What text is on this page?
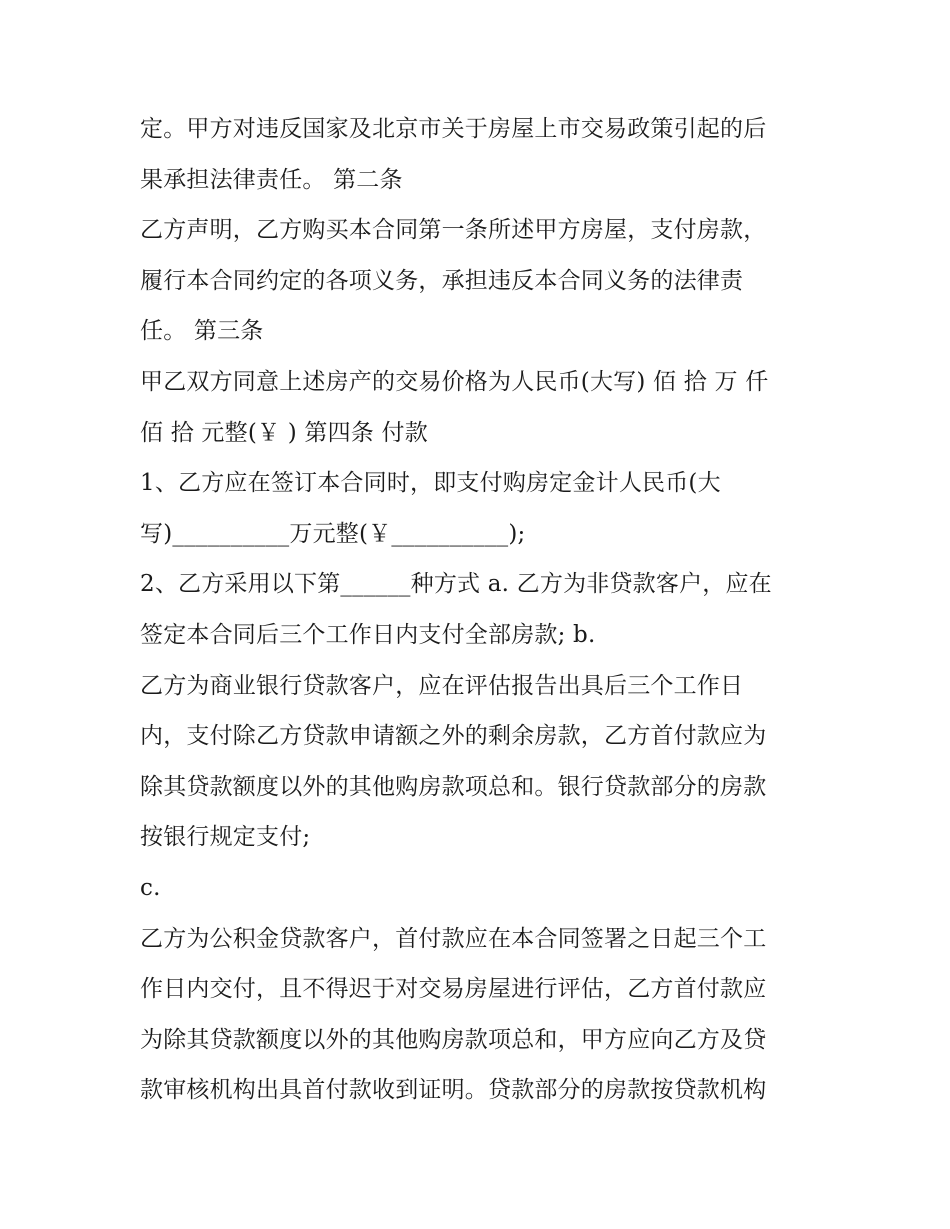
定。甲方对违反国家及北京市关于房屋上市交易政策引起的后
果承担法律责任。 第二条
乙方声明，乙方购买本合同第一条所述甲方房屋，支付房款，
履行本合同约定的各项义务，承担违反本合同义务的法律责
任。 第三条
甲乙双方同意上述房产的交易价格为人民币(大写) 佰 拾 万 仟
佰 拾 元整(￥ ) 第四条 付款
1、乙方应在签订本合同时，即支付购房定金计人民币(大
写)__________万元整(￥__________);
2、乙方采用以下第______种方式 a. 乙方为非贷款客户，应在
签定本合同后三个工作日内支付全部房款; b.
乙方为商业银行贷款客户，应在评估报告出具后三个工作日
内，支付除乙方贷款申请额之外的剩余房款，乙方首付款应为
除其贷款额度以外的其他购房款项总和。银行贷款部分的房款
按银行规定支付;
c.
乙方为公积金贷款客户，首付款应在本合同签署之日起三个工
作日内交付，且不得迟于对交易房屋进行评估，乙方首付款应
为除其贷款额度以外的其他购房款项总和，甲方应向乙方及贷
款审核机构出具首付款收到证明。贷款部分的房款按贷款机构
